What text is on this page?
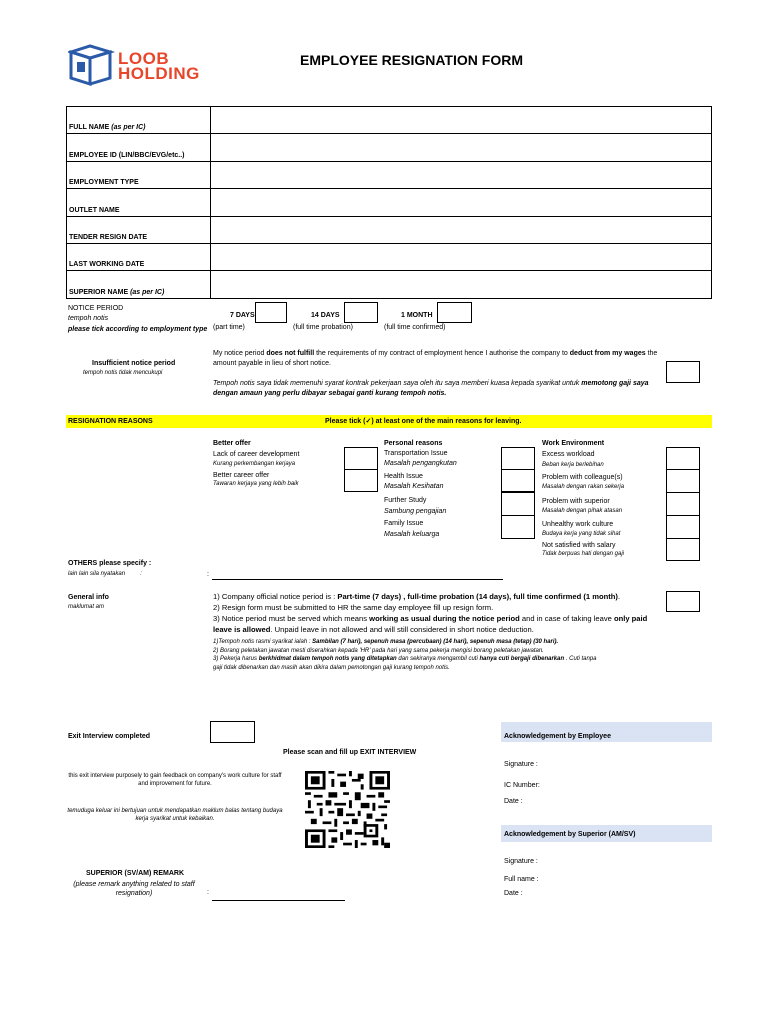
LOOB
HOLDING
EMPLOYEE RESIGNATION FORM
FULL NAME (as per IC)	
EMPLOYEE ID (LIN/BBC/EVG/etc..)	
EMPLOYMENT TYPE	
OUTLET NAME	
TENDER RESIGN DATE	
LAST WORKING DATE	
SUPERIOR NAME (as per IC)	
NOTICE PERIOD
tempoh notis
please tick according to employment type
7 DAYS
(part time)
14 DAYS
(full time probation)
1 MONTH
(full time confirmed)
Insufficient notice period
tempoh notis tidak mencukupi
My notice period does not fulfill the requirements of my contract of employment hence I authorise the company to deduct from my wages the amount payable in lieu of short notice.
Tempoh notis saya tidak memenuhi syarat kontrak pekerjaan saya oleh itu saya memberi kuasa kepada syarikat untuk memotong gaji saya dengan amaun yang perlu dibayar sebagai ganti kurang tempoh notis.
RESIGNATION REASONS	Please tick (✓) at least one of the main reasons for leaving.
Better offer
Lack of career development
Kurang perkembangan kerjaya
Better career offer
Tawaran kerjaya yang lebih baik
Personal reasons
Transportation Issue
Masalah pengangkutan
Health Issue
Masalah Kesihatan
Further Study
Sambung pengajian
Family Issue
Masalah keluarga
Work Environment
Excess workload
Beban kerja berlebihan
Problem with colleague(s)
Masalah dengan rakan sekerja
Problem with superior
Masalah dengan pihak atasan
Unhealthy work culture
Budaya kerja yang tidak sihat
Not satisfied with salary
Tidak berpuas hati dengan gaji
OTHERS please specify :
lain lain sila nyatakan	:	:
General info
maklumat am
1) Company official notice period is : Part-time (7 days) , full-time probation (14 days), full time confirmed (1 month).
2) Resign form must be submitted to HR the same day employee fill up resign form.
3) Notice period must be served which means working as usual during the notice period and in case of taking leave only paid leave is allowed. Unpaid leave in not allowed and will still considered in short notice deduction.
1)Tempoh notis rasmi syarikat ialah : Sambilan (7 hari), sepenuh masa (percubaan) (14 hari), sepenuh masa (tetap) (30 hari).
2) Borang peletakan jawatan mesti diserahkan kepada 'HR' pada hari yang sama pekerja mengisi borang peletakan jawatan.
3) Pekerja harus berkhidmat dalam tempoh notis yang ditetapkan dan sekiranya mengambil cuti hanya cuti bergaji dibenarkan . Cuti tanpa
gaji tidak dibenarkan dan masih akan dikira dalam pemotongan gaji kurang tempoh notis.
Exit Interview completed
Please scan and fill up EXIT INTERVIEW
this exit interview purposely to gain feedback on company's work culture for staff and improvement for future.
temuduga keluar ini bertujuan untuk mendapatkan maklum balas tentang budaya kerja syarikat untuk kebaikan.
SUPERIOR (SV/AM) REMARK
(please remark anything related to staff resignation)	:
Acknowledgement by Employee
Signature :
IC Number:
Date :
Acknowledgement by Superior (AM/SV)
Signature :
Full name :
Date :
